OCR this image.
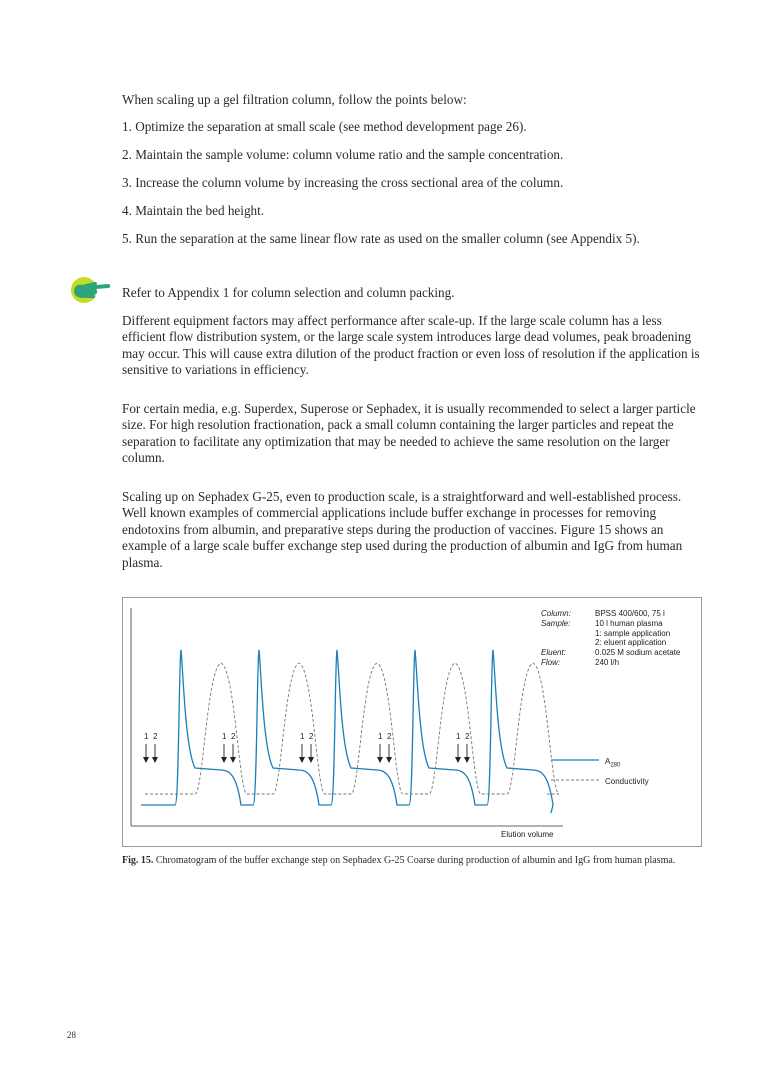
When scaling up a gel filtration column, follow the points below:
1. Optimize the separation at small scale (see method development page 26).
2. Maintain the sample volume: column volume ratio and the sample concentration.
3. Increase the column volume by increasing the cross sectional area of the column.
4. Maintain the bed height.
5. Run the separation at the same linear flow rate as used on the smaller column (see Appendix 5).
Refer to Appendix 1 for column selection and column packing.
Different equipment factors may affect performance after scale-up. If the large scale column has a less efficient flow distribution system, or the large scale system introduces large dead volumes, peak broadening may occur. This will cause extra dilution of the product fraction or even loss of resolution if the application is sensitive to variations in efficiency.
For certain media, e.g. Superdex, Superose or Sephadex, it is usually recommended to select a larger particle size. For high resolution fractionation, pack a small column containing the larger particles and repeat the separation to facilitate any optimization that may be needed to achieve the same resolution on the larger column.
Scaling up on Sephadex G-25, even to production scale, is a straightforward and well-established process. Well known examples of commercial applications include buffer exchange in processes for removing endotoxins from albumin, and preparative steps during the production of vaccines. Figure 15 shows an example of a large scale buffer exchange step used during the production of albumin and IgG from human plasma.
1 2	1 2	1 2	1 2	1 2
Column:	BPSS 400/600, 75 l
Sample:	10 l human plasma
1: sample application
2: eluent application
Eluent:	0.025 M sodium acetate
Flow:	240 l/h
$A_{280}$
Conductivity
Elution volume
Fig. 15. Chromatogram of the buffer exchange step on Sephadex G-25 Coarse during production of albumin and IgG from human plasma.
28
